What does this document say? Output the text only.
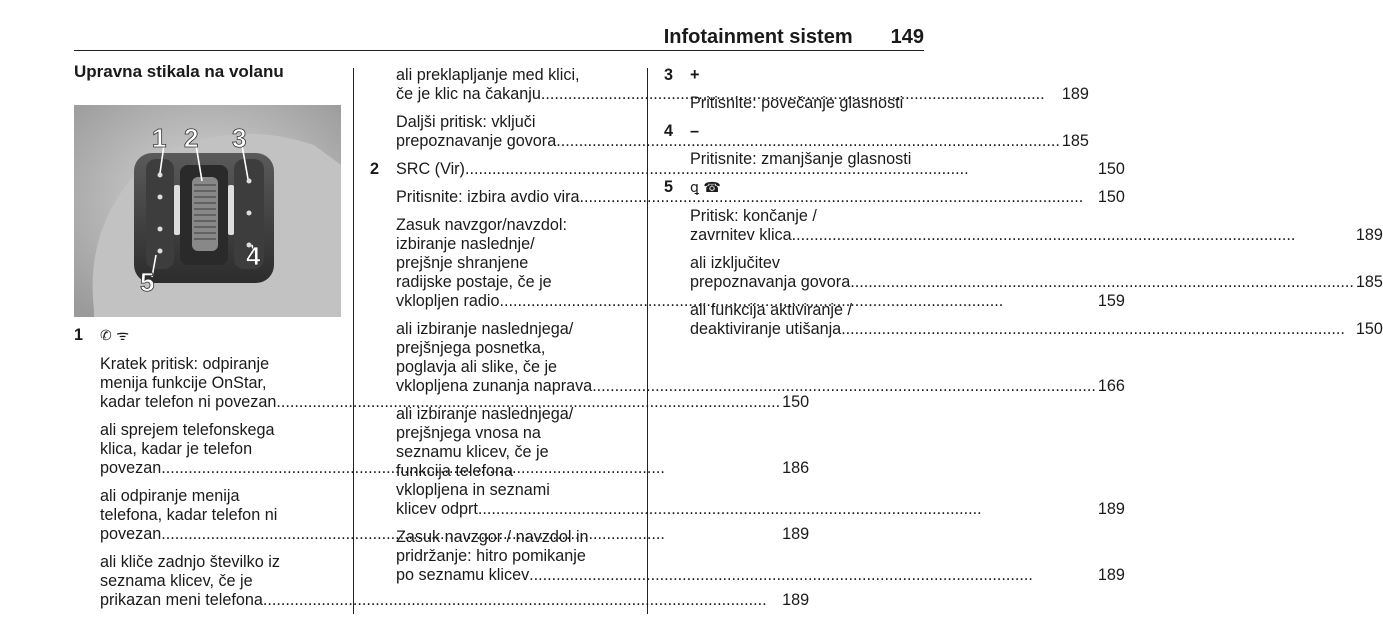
Infotainment sistem 149
Upravna stikala na volanu
1 2 3
4
5
1	✆ ᯤ
Kratek pritisk: odpiranje
menija funkcije OnStar,
kadar telefon ni povezan .....	150
ali sprejem telefonskega
klica, kadar je telefon
povezan .....	186
ali odpiranje menija
telefona, kadar telefon ni
povezan .....	189
ali kliče zadnjo številko iz
seznama klicev, če je
prikazan meni telefona .....	189
ali preklapljanje med klici,
če je klic na čakanju .....	189
Daljši pritisk: vključi
prepoznavanje govora .....	185
2	SRC (Vir) .....	150
Pritisnite: izbira avdio vira .....	150
Zasuk navzgor/navzdol:
izbiranje naslednje/
prejšnje shranjene
radijske postaje, če je
vklopljen radio .....	159
ali izbiranje naslednjega/
prejšnjega posnetka,
poglavja ali slike, če je
vklopljena zunanja naprava .....	166
ali izbiranje naslednjega/
prejšnjega vnosa na
seznamu klicev, če je
funkcija telefona
vklopljena in seznami
klicev odprt .....	189
Zasuk navzgor / navzdol in
pridržanje: hitro pomikanje
po seznamu klicev .....	189
3	+
Pritisnite: povečanje glasnosti
4	–
Pritisnite: zmanjšanje glasnosti
5	ꝗ ☎
Pritisk: končanje /
zavrnitev klica .....	189
ali izključitev
prepoznavanja govora .....	185
ali funkcija aktiviranje /
deaktiviranje utišanja .....	150
